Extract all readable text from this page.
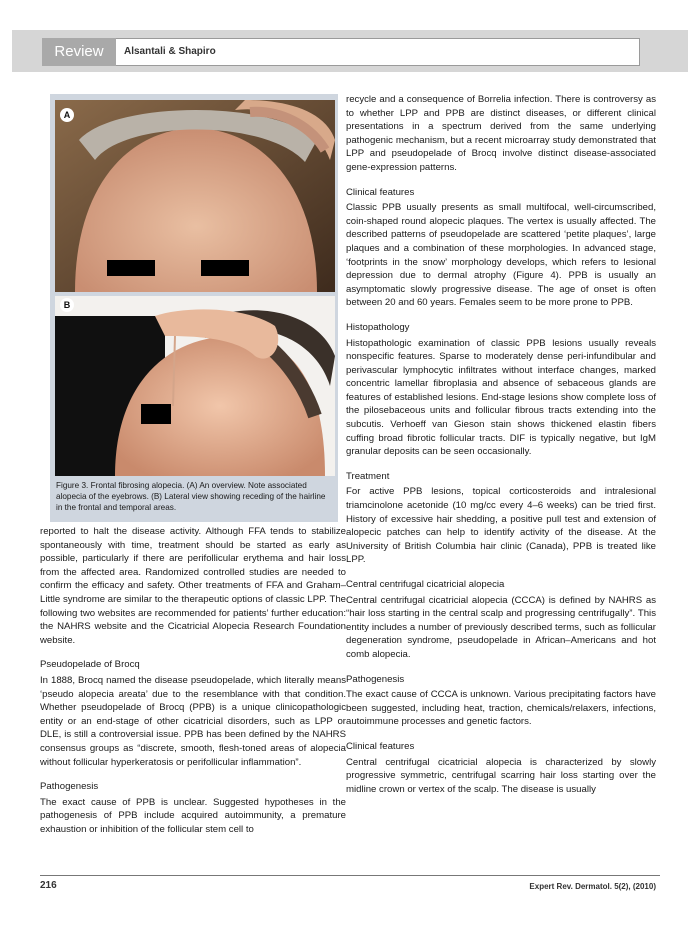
Review	Alsantali & Shapiro
A
B
Figure 3. Frontal fibrosing alopecia. (A) An overview. Note associated alopecia of the eyebrows. (B) Lateral view showing receding of the hairline in the frontal and temporal areas.

reported to halt the disease activity. Although FFA tends to stabilize spontaneously with time, treatment should be started as early as possible, particularly if there are perifollicular erythema and hair loss from the affected area. Randomized controlled studies are needed to confirm the efficacy and safety. Other treatments of FFA and Graham–Little syndrome are similar to the therapeutic options of classic LPP. The following two websites are recommended for patients’ further education: the NAHRS website and the Cicatricial Alopecia Research Foundation website.

Pseudopelade of Brocq

In 1888, Brocq named the disease pseudopelade, which literally means ‘pseudo alopecia areata’ due to the resemblance with that condition. Whether pseudopelade of Brocq (PPB) is a unique clinicopathologic entity or an end-stage of other cicatricial disorders, such as LPP or DLE, is still a controversial issue. PPB has been defined by the NAHRS consensus groups as “discrete, smooth, flesh-toned areas of alopecia without follicular hyperkeratosis or perifollicular inflammation”.

Pathogenesis

The exact cause of PPB is unclear. Suggested hypotheses in the pathogenesis of PPB include acquired autoimmunity, a premature exhaustion or inhibition of the follicular stem cell to

recycle and a consequence of Borrelia infection. There is controversy as to whether LPP and PPB are distinct diseases, or different clinical presentations in a spectrum derived from the same underlying pathogenic mechanism, but a recent microarray study demonstrated that LPP and pseudopelade of Brocq involve distinct disease-associated gene-expression patterns.

Clinical features

Classic PPB usually presents as small multifocal, well-circumscribed, coin-shaped round alopecic plaques. The vertex is usually affected. The described patterns of pseudopelade are scattered ‘petite plaques’, large plaques and a combination of these morphologies. In advanced stage, ‘footprints in the snow’ morphology develops, which refers to lesional depression due to dermal atrophy (Figure 4). PPB is usually an asymptomatic slowly progressive disease. The age of onset is often between 20 and 60 years. Females seem to be more prone to PPB.

Histopathology

Histopathologic examination of classic PPB lesions usually reveals nonspecific features. Sparse to moderately dense peri-infundibular and perivascular lymphocytic infiltrates without interface changes, marked concentric lamellar fibroplasia and absence of sebaceous glands are features of established lesions. End-stage lesions show complete loss of the pilosebaceous units and follicular fibrous tracts extending into the subcutis. Verhoeff van Gieson stain shows thickened elastin fibers cuffing broad fibrotic follicular tracts. DIF is typically negative, but IgM granular deposits can be seen occasionally.

Treatment

For active PPB lesions, topical corticosteroids and intralesional triamcinolone acetonide (10 mg/cc every 4–6 weeks) can be tried first. History of excessive hair shedding, a positive pull test and extension of alopecic patches can help to identify activity of the disease. At the University of British Columbia hair clinic (Canada), PPB is treated like LPP.

Central centrifugal cicatricial alopecia

Central centrifugal cicatricial alopecia (CCCA) is defined by NAHRS as “hair loss starting in the central scalp and progressing centrifugally”. This entity includes a number of previously described terms, such as follicular degeneration syndrome, pseudopelade in African–Americans and hot comb alopecia.

Pathogenesis

The exact cause of CCCA is unknown. Various precipitating factors have been suggested, including heat, traction, chemicals/relaxers, infections, autoimmune processes and genetic factors.

Clinical features

Central centrifugal cicatricial alopecia is characterized by slowly progressive symmetric, centrifugal scarring hair loss starting over the midline crown or vertex of the scalp. The disease is usually

216	Expert Rev. Dermatol. 5(2), (2010)
